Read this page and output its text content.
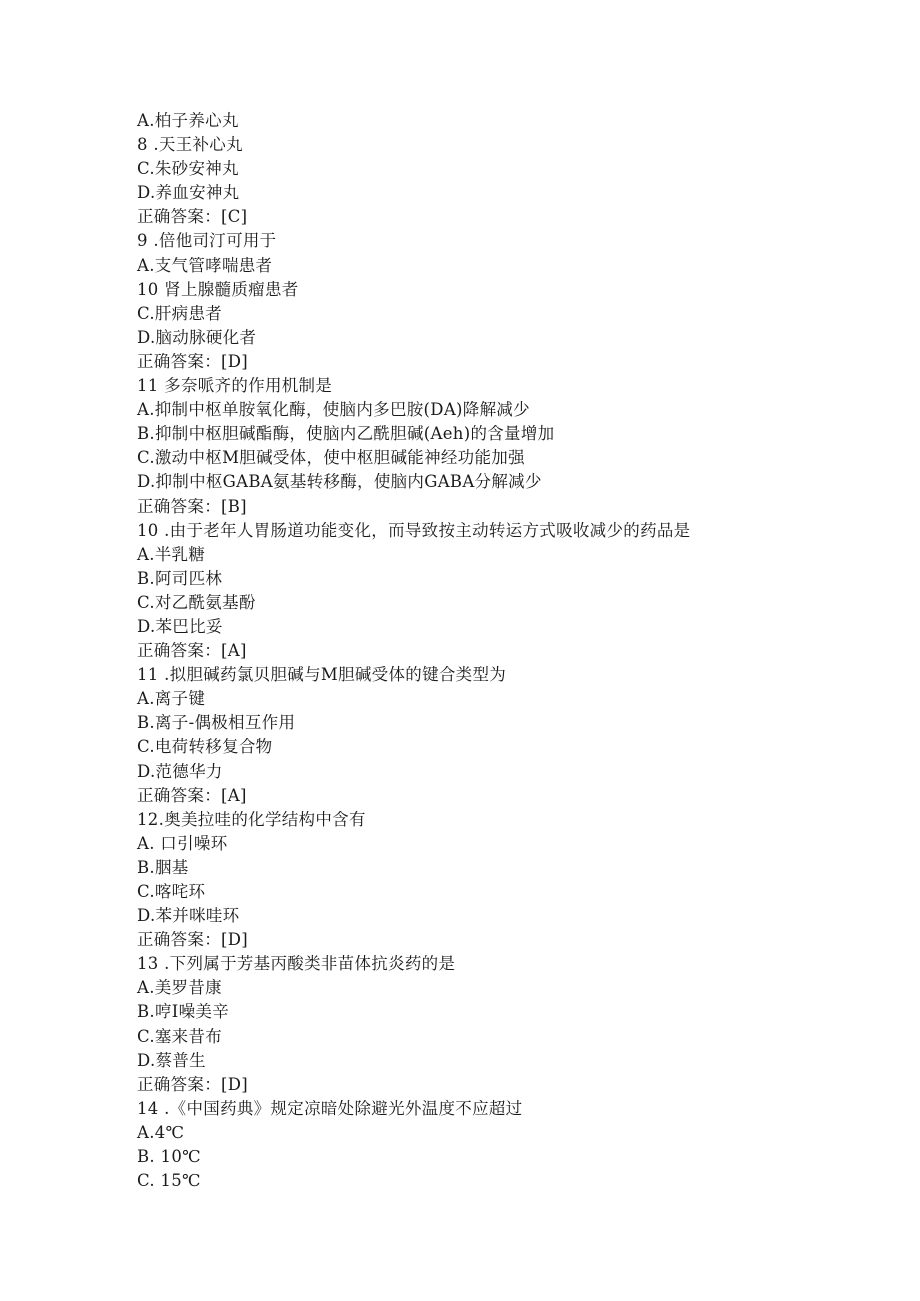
A.柏子养心丸
8 .天王补心丸
C.朱砂安神丸
D.养血安神丸
正确答案：[C]
9 .倍他司汀可用于
A.支气管哮喘患者
10 肾上腺髓质瘤患者
C.肝病患者
D.脑动脉硬化者
正确答案：[D]
11 多奈哌齐的作用机制是
A.抑制中枢单胺氧化酶，使脑内多巴胺(DA)降解减少
B.抑制中枢胆碱酯酶，使脑内乙酰胆碱(Aeh)的含量增加
C.激动中枢M胆碱受体，使中枢胆碱能神经功能加强
D.抑制中枢GABA氨基转移酶，使脑内GABA分解减少
正确答案：[B]
10 .由于老年人胃肠道功能变化，而导致按主动转运方式吸收减少的药品是
A.半乳糖
B.阿司匹林
C.对乙酰氨基酚
D.苯巴比妥
正确答案：[A]
11 .拟胆碱药氯贝胆碱与M胆碱受体的键合类型为
A.离子键
B.离子-偶极相互作用
C.电荷转移复合物
D.范德华力
正确答案：[A]
12.奥美拉哇的化学结构中含有
A. 口引噪环
B.胭基
C.喀咤环
D.苯并咪哇环
正确答案：[D]
13 .下列属于芳基丙酸类非苗体抗炎药的是
A.美罗昔康
B.哼I噪美辛
C.塞来昔布
D.蔡普生
正确答案：[D]
14 .《中国药典》规定凉暗处除避光外温度不应超过
A.4℃
B. 10℃
C. 15℃
